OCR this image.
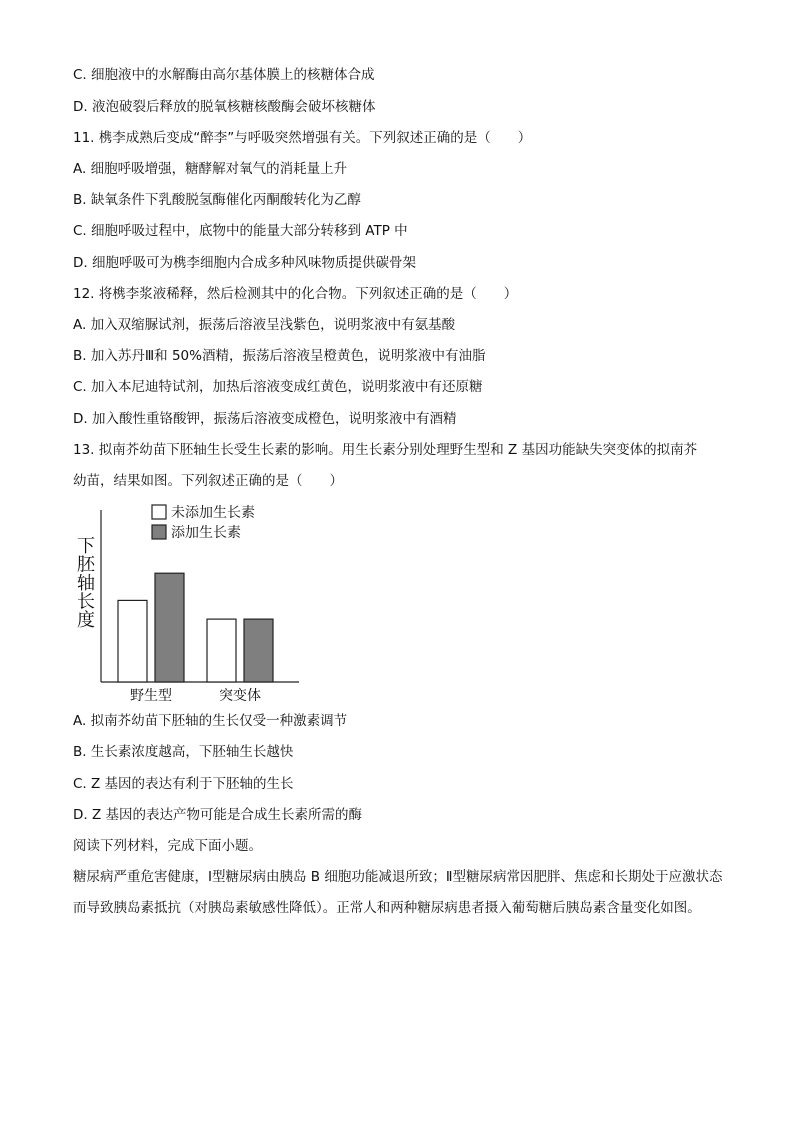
C. 细胞液中的水解酶由高尔基体膜上的核糖体合成
D. 液泡破裂后释放的脱氧核糖核酸酶会破坏核糖体
11. 槜李成熟后变成“醉李”与呼吸突然增强有关。下列叙述正确的是（　　）
A. 细胞呼吸增强，糖酵解对氧气的消耗量上升
B. 缺氧条件下乳酸脱氢酶催化丙酮酸转化为乙醇
C. 细胞呼吸过程中，底物中的能量大部分转移到 ATP 中
D. 细胞呼吸可为槜李细胞内合成多种风味物质提供碳骨架
12. 将槜李浆液稀释，然后检测其中的化合物。下列叙述正确的是（　　）
A. 加入双缩脲试剂，振荡后溶液呈浅紫色，说明浆液中有氨基酸
B. 加入苏丹Ⅲ和 50%酒精，振荡后溶液呈橙黄色，说明浆液中有油脂
C. 加入本尼迪特试剂，加热后溶液变成红黄色，说明浆液中有还原糖
D. 加入酸性重铬酸钾，振荡后溶液变成橙色，说明浆液中有酒精
13. 拟南芥幼苗下胚轴生长受生长素的影响。用生长素分别处理野生型和 Z 基因功能缺失突变体的拟南芥
幼苗，结果如图。下列叙述正确的是（　　）
未添加生长素
添加生长素
下
胚
轴
长
度
野生型	突变体
A. 拟南芥幼苗下胚轴的生长仅受一种激素调节
B. 生长素浓度越高，下胚轴生长越快
C. Z 基因的表达有利于下胚轴的生长
D. Z 基因的表达产物可能是合成生长素所需的酶
阅读下列材料，完成下面小题。
糖尿病严重危害健康，Ⅰ型糖尿病由胰岛 B 细胞功能减退所致；Ⅱ型糖尿病常因肥胖、焦虑和长期处于应激状态而导致胰岛素抵抗（对胰岛素敏感性降低）。正常人和两种糖尿病患者摄入葡萄糖后胰岛素含量变化如图。
